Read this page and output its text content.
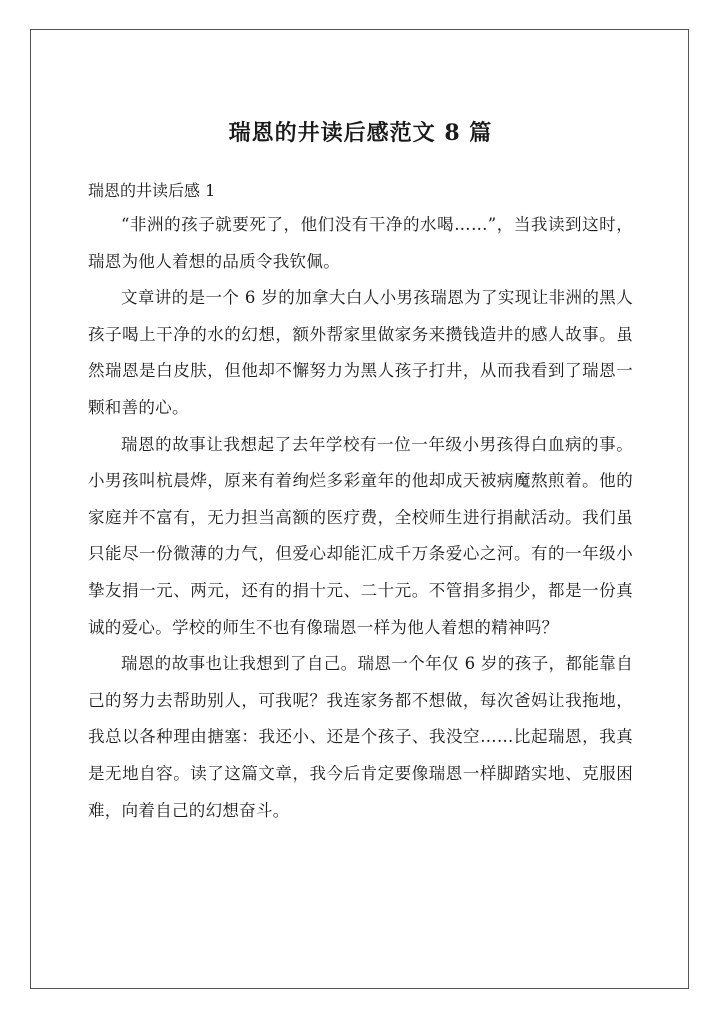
瑞恩的井读后感范文 8 篇
瑞恩的井读后感 1

“非洲的孩子就要死了，他们没有干净的水喝……”，当我读到这时，瑞恩为他人着想的品质令我钦佩。

文章讲的是一个 6 岁的加拿大白人小男孩瑞恩为了实现让非洲的黑人孩子喝上干净的水的幻想，额外帮家里做家务来攒钱造井的感人故事。虽然瑞恩是白皮肤，但他却不懈努力为黑人孩子打井，从而我看到了瑞恩一颗和善的心。

瑞恩的故事让我想起了去年学校有一位一年级小男孩得白血病的事。小男孩叫杭晨烨，原来有着绚烂多彩童年的他却成天被病魔熬煎着。他的家庭并不富有，无力担当高额的医疗费，全校师生进行捐献活动。我们虽只能尽一份微薄的力气，但爱心却能汇成千万条爱心之河。有的一年级小挚友捐一元、两元，还有的捐十元、二十元。不管捐多捐少，都是一份真诚的爱心。学校的师生不也有像瑞恩一样为他人着想的精神吗？

瑞恩的故事也让我想到了自己。瑞恩一个年仅 6 岁的孩子，都能靠自己的努力去帮助别人，可我呢？我连家务都不想做，每次爸妈让我拖地，我总以各种理由搪塞：我还小、还是个孩子、我没空……比起瑞恩，我真是无地自容。读了这篇文章，我今后肯定要像瑞恩一样脚踏实地、克服困难，向着自己的幻想奋斗。
